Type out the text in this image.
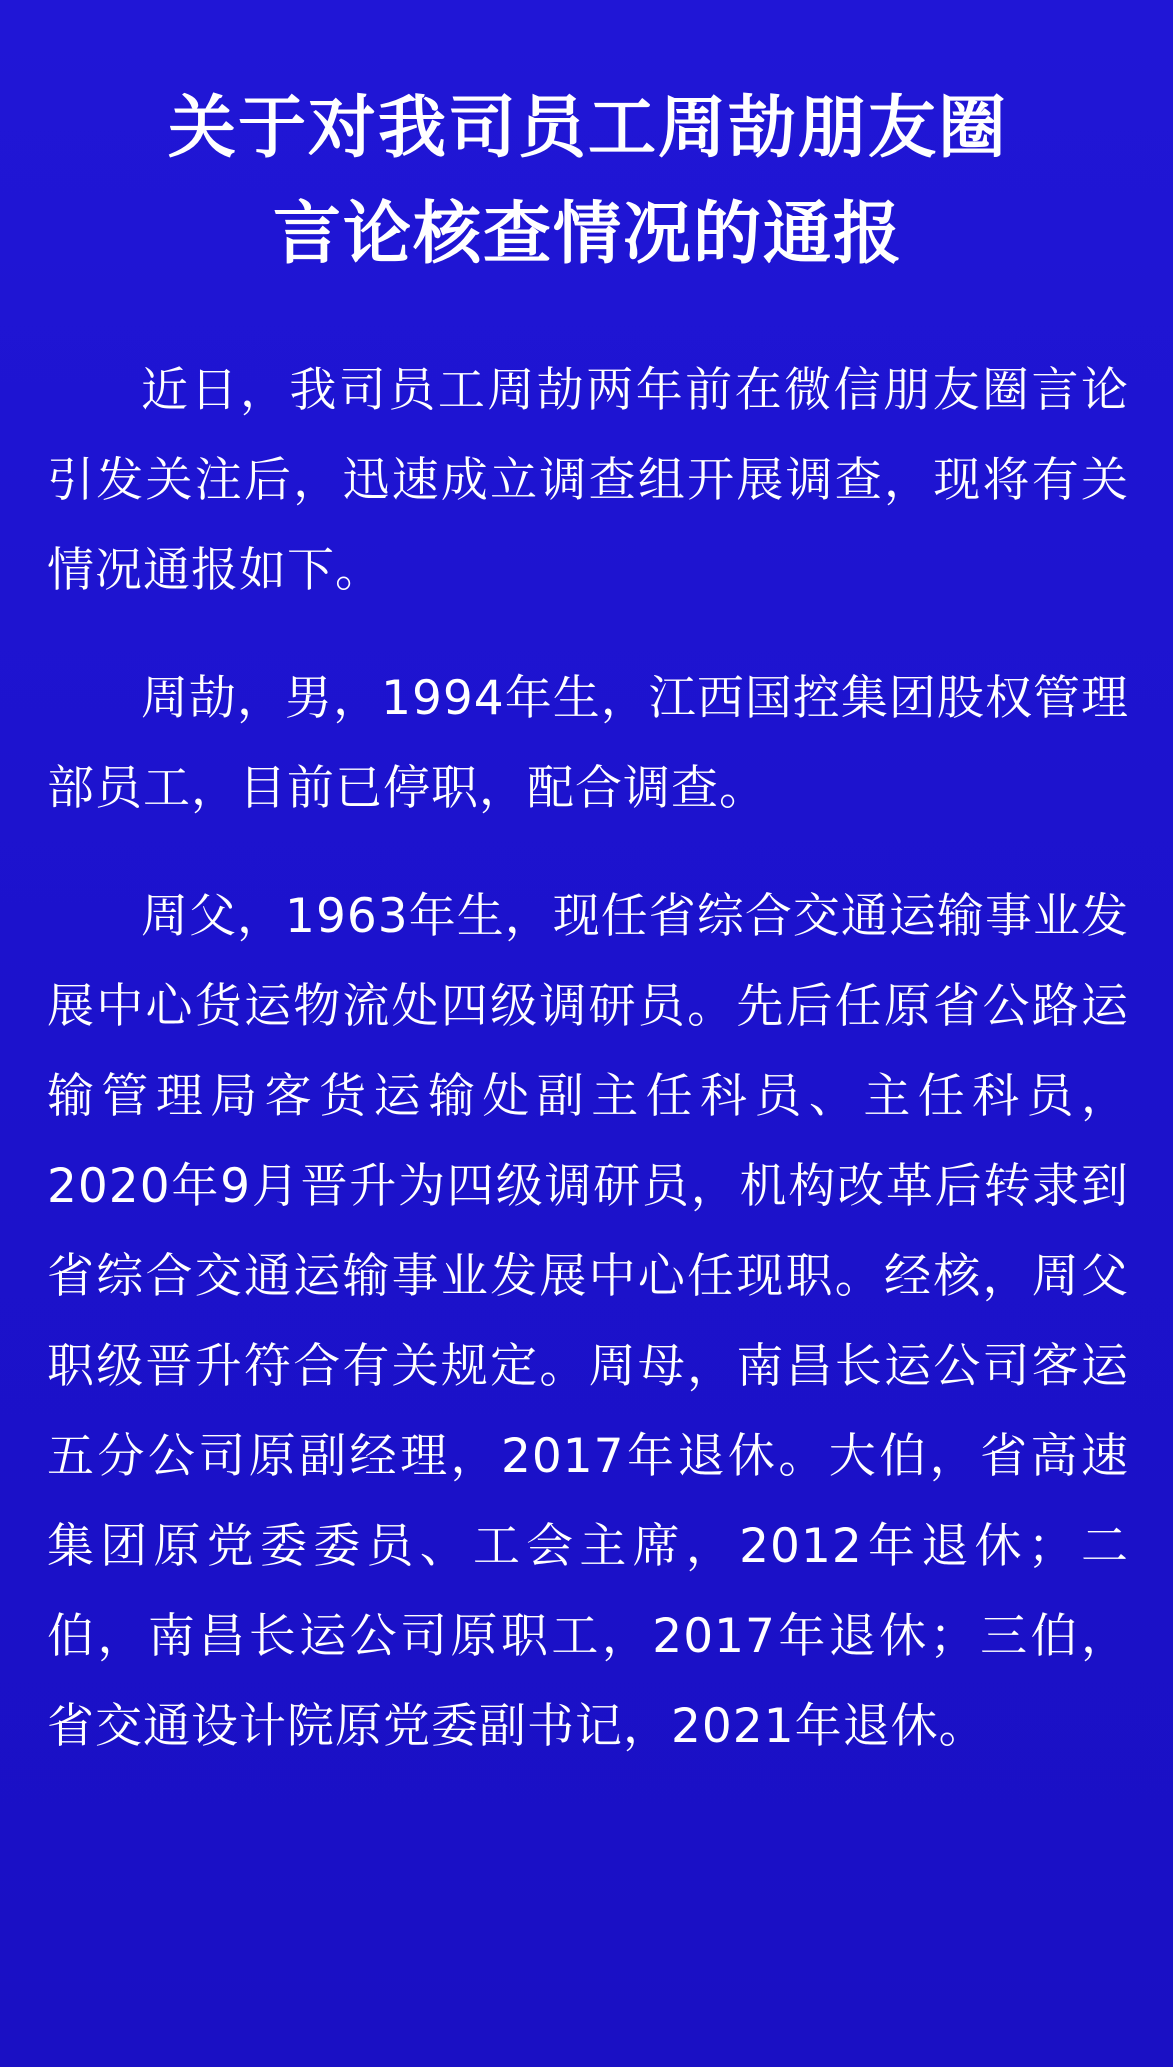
关于对我司员工周劼朋友圈
言论核查情况的通报

近日，我司员工周劼两年前在微信朋友圈言论引发关注后，迅速成立调查组开展调查，现将有关情况通报如下。

周劼，男，1994年生，江西国控集团股权管理部员工，目前已停职，配合调查。

周父，1963年生，现任省综合交通运输事业发展中心货运物流处四级调研员。先后任原省公路运输管理局客货运输处副主任科员、主任科员，2020年9月晋升为四级调研员，机构改革后转隶到省综合交通运输事业发展中心任现职。经核，周父职级晋升符合有关规定。周母，南昌长运公司客运五分公司原副经理，2017年退休。大伯，省高速集团原党委委员、工会主席，2012年退休；二伯，南昌长运公司原职工，2017年退休；三伯，省交通设计院原党委副书记，2021年退休。
